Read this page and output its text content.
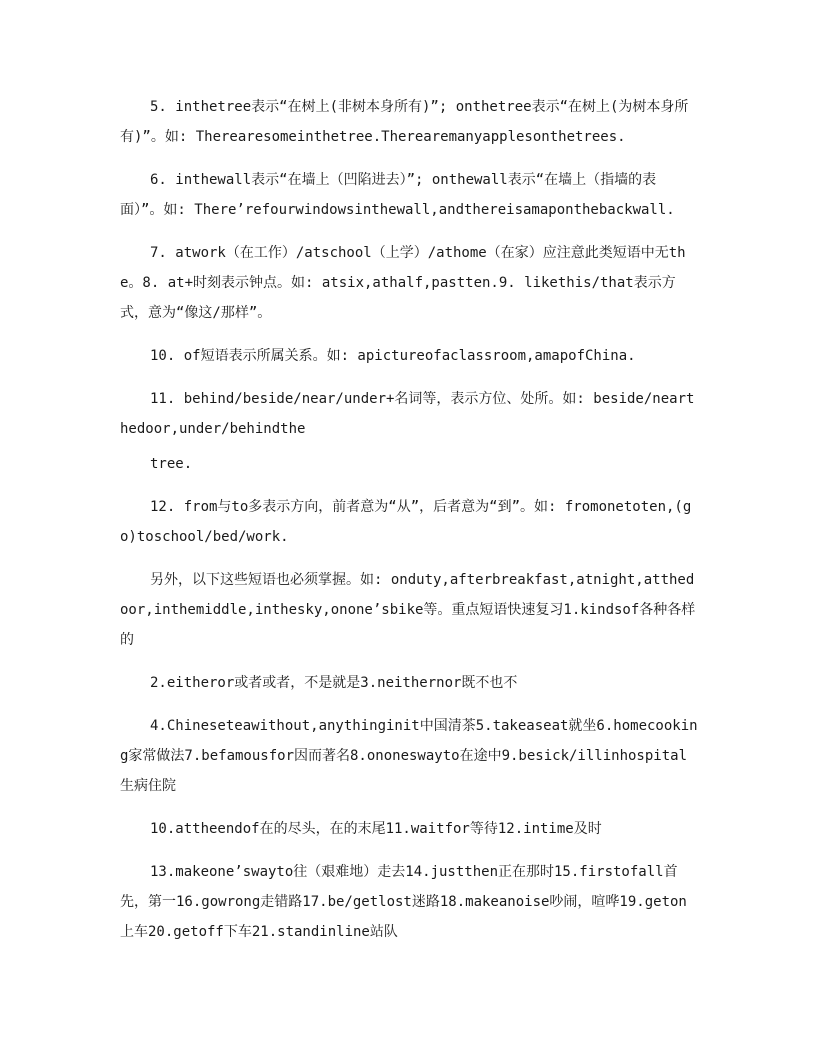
5. inthetree表示“在树上(非树本身所有)”; onthetree表示“在树上(为树本身所有)”。如: Therearesomeinthetree.Therearemanyapplesonthetrees.

6. inthewall表示“在墙上（凹陷进去）”; onthewall表示“在墙上（指墙的表面）”。如: There’refourwindowsinthewall,andthereisamaponthebackwall.

7. atwork（在工作）/atschool（上学）/athome（在家）应注意此类短语中无the。8. at+时刻表示钟点。如: atsix,athalf,pastten.9. likethis/that表示方式，意为“像这/那样”。

10. of短语表示所属关系。如: apictureofaclassroom,amapofChina.

11. behind/beside/near/under+名词等，表示方位、处所。如: beside/nearthedoor,under/behindthe

tree.

12. from与to多表示方向，前者意为“从”，后者意为“到”。如: fromonetoten,(go)toschool/bed/work.

另外，以下这些短语也必须掌握。如: onduty,afterbreakfast,atnight,atthedoor,inthemiddle,inthesky,onone’sbike等。重点短语快速复习1.kindsof各种各样的

2.eitheror或者或者，不是就是3.neithernor既不也不

4.Chineseteawithout,anythinginit中国清茶5.takeaseat就坐6.homecooking家常做法7.befamousfor因而著名8.ononeswayto在途中9.besick/illinhospital生病住院

10.attheendof在的尽头，在的末尾11.waitfor等待12.intime及时

13.makeone’swayto往（艰难地）走去14.justthen正在那时15.firstofall首先，第一16.gowrong走错路17.be/getlost迷路18.makeanoise吵闹，喧哗19.geton上车20.getoff下车21.standinline站队
